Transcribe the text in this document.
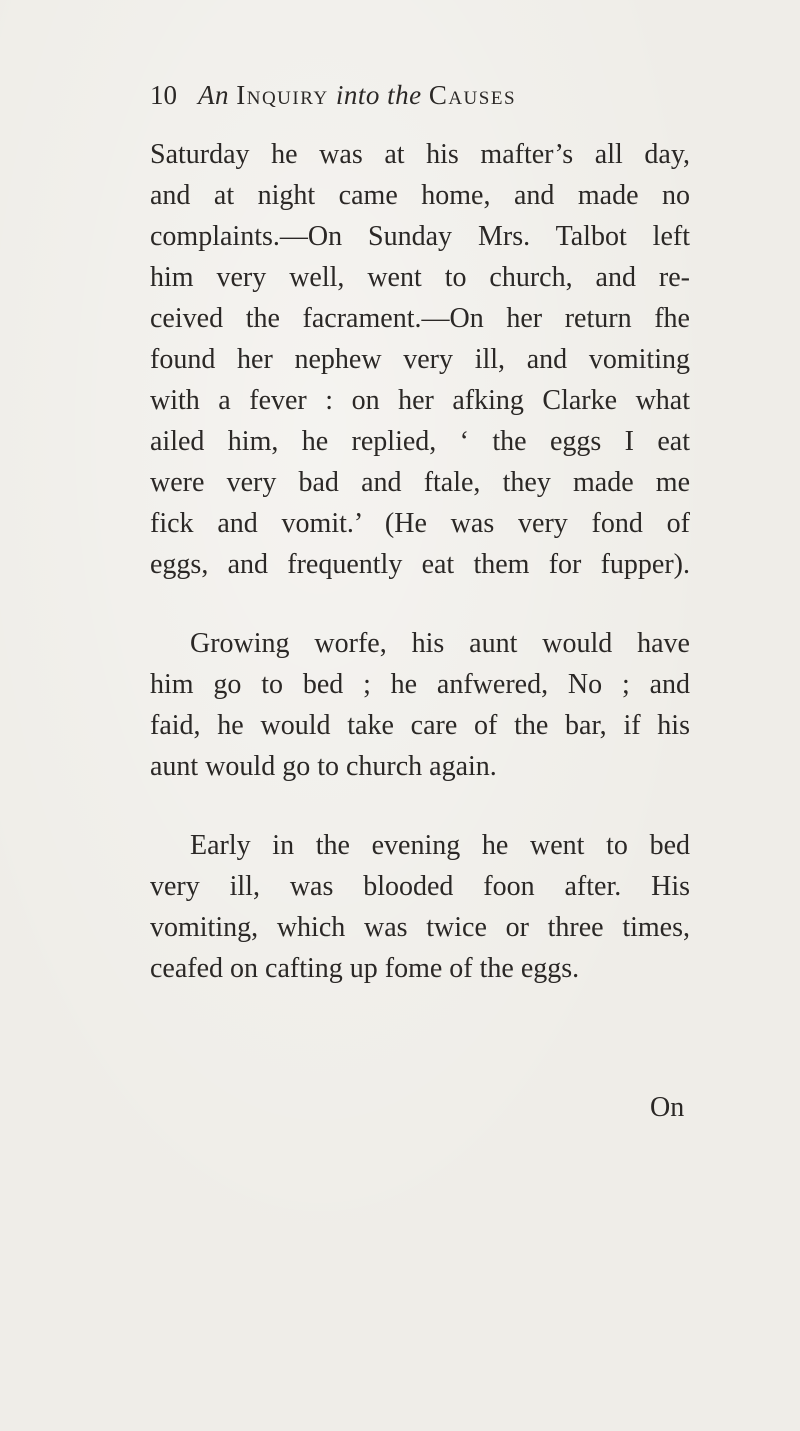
10 An Inquiry into the Causes
Saturday he was at his mafter’s all day,
and at night came home, and made no
complaints.—On Sunday Mrs. Talbot left
him very well, went to church, and re-
ceived the facrament.—On her return fhe
found her nephew very ill, and vomiting
with a fever : on her afking Clarke what
ailed him, he replied, ‘ the eggs I eat
were very bad and ftale, they made me
fick and vomit.’ (He was very fond of
eggs, and frequently eat them for fupper).
Growing worfe, his aunt would have
him go to bed ; he anfwered, No ; and
faid, he would take care of the bar, if his
aunt would go to church again.
Early in the evening he went to bed
very ill, was blooded foon after. His
vomiting, which was twice or three times,
ceafed on cafting up fome of the eggs.
On
